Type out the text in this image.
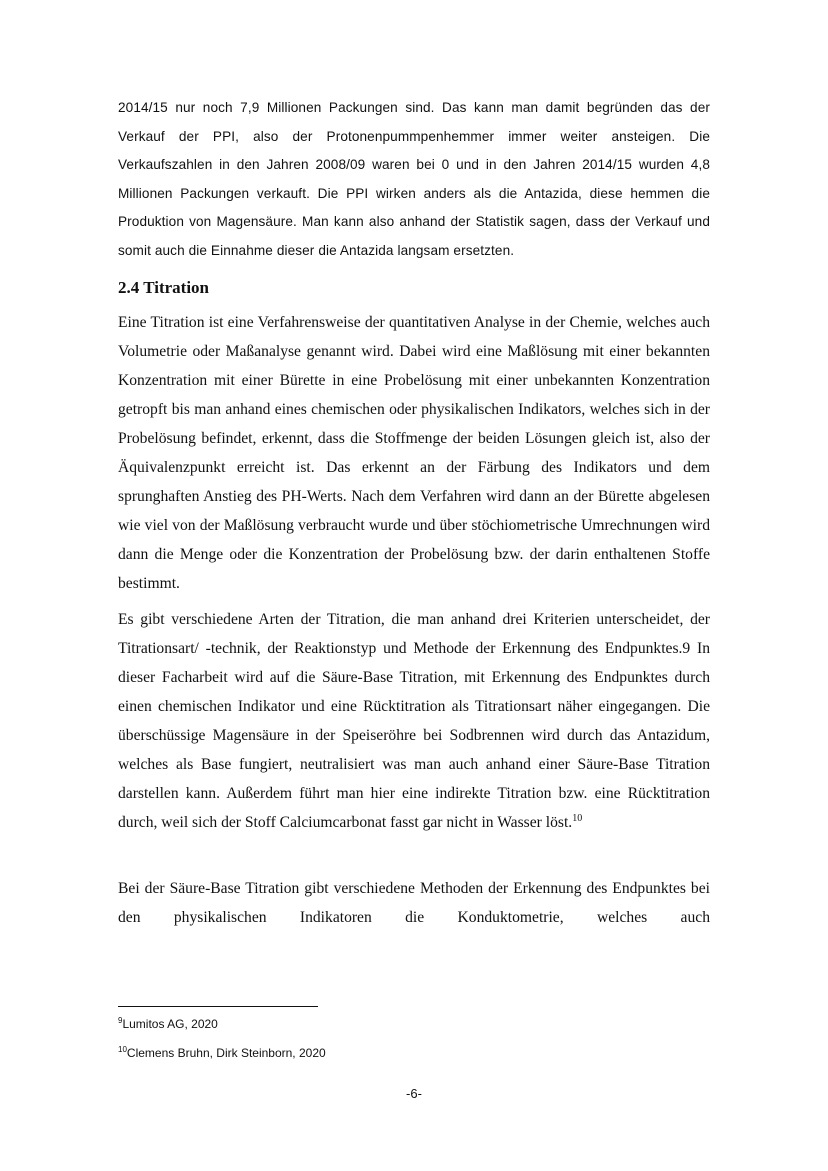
2014/15 nur noch 7,9 Millionen Packungen sind. Das kann man damit begründen das der Verkauf der PPI, also der Protonenpummpenhemmer immer weiter ansteigen. Die Verkaufszahlen in den Jahren 2008/09 waren bei 0 und in den Jahren 2014/15 wurden 4,8 Millionen Packungen verkauft. Die PPI wirken anders als die Antazida, diese hemmen die Produktion von Magensäure. Man kann also anhand der Statistik sagen, dass der Verkauf und somit auch die Einnahme dieser die Antazida langsam ersetzten.

2.4 Titration

Eine Titration ist eine Verfahrensweise der quantitativen Analyse in der Chemie, welches auch Volumetrie oder Maßanalyse genannt wird. Dabei wird eine Maßlösung mit einer bekannten Konzentration mit einer Bürette in eine Probelösung mit einer unbekannten Konzentration getropft bis man anhand eines chemischen oder physikalischen Indikators, welches sich in der Probelösung befindet, erkennt, dass die Stoffmenge der beiden Lösungen gleich ist, also der Äquivalenzpunkt erreicht ist. Das erkennt an der Färbung des Indikators und dem sprunghaften Anstieg des PH-Werts. Nach dem Verfahren wird dann an der Bürette abgelesen wie viel von der Maßlösung verbraucht wurde und über stöchiometrische Umrechnungen wird dann die Menge oder die Konzentration der Probelösung bzw. der darin enthaltenen Stoffe bestimmt.

Es gibt verschiedene Arten der Titration, die man anhand drei Kriterien unterscheidet, der Titrationsart/ -technik, der Reaktionstyp und Methode der Erkennung des Endpunktes.9 In dieser Facharbeit wird auf die Säure-Base Titration, mit Erkennung des Endpunktes durch einen chemischen Indikator und eine Rücktitration als Titrationsart näher eingegangen. Die überschüssige Magensäure in der Speiseröhre bei Sodbrennen wird durch das Antazidum, welches als Base fungiert, neutralisiert was man auch anhand einer Säure-Base Titration darstellen kann. Außerdem führt man hier eine indirekte Titration bzw. eine Rücktitration durch, weil sich der Stoff Calciumcarbonat fasst gar nicht in Wasser löst.$^{10}$

Bei der Säure-Base Titration gibt verschiedene Methoden der Erkennung des Endpunktes bei den physikalischen Indikatoren die Konduktometrie, welches auch

$^9$Lumitos AG, 2020

$^{10}$Clemens Bruhn, Dirk Steinborn, 2020

-6-
